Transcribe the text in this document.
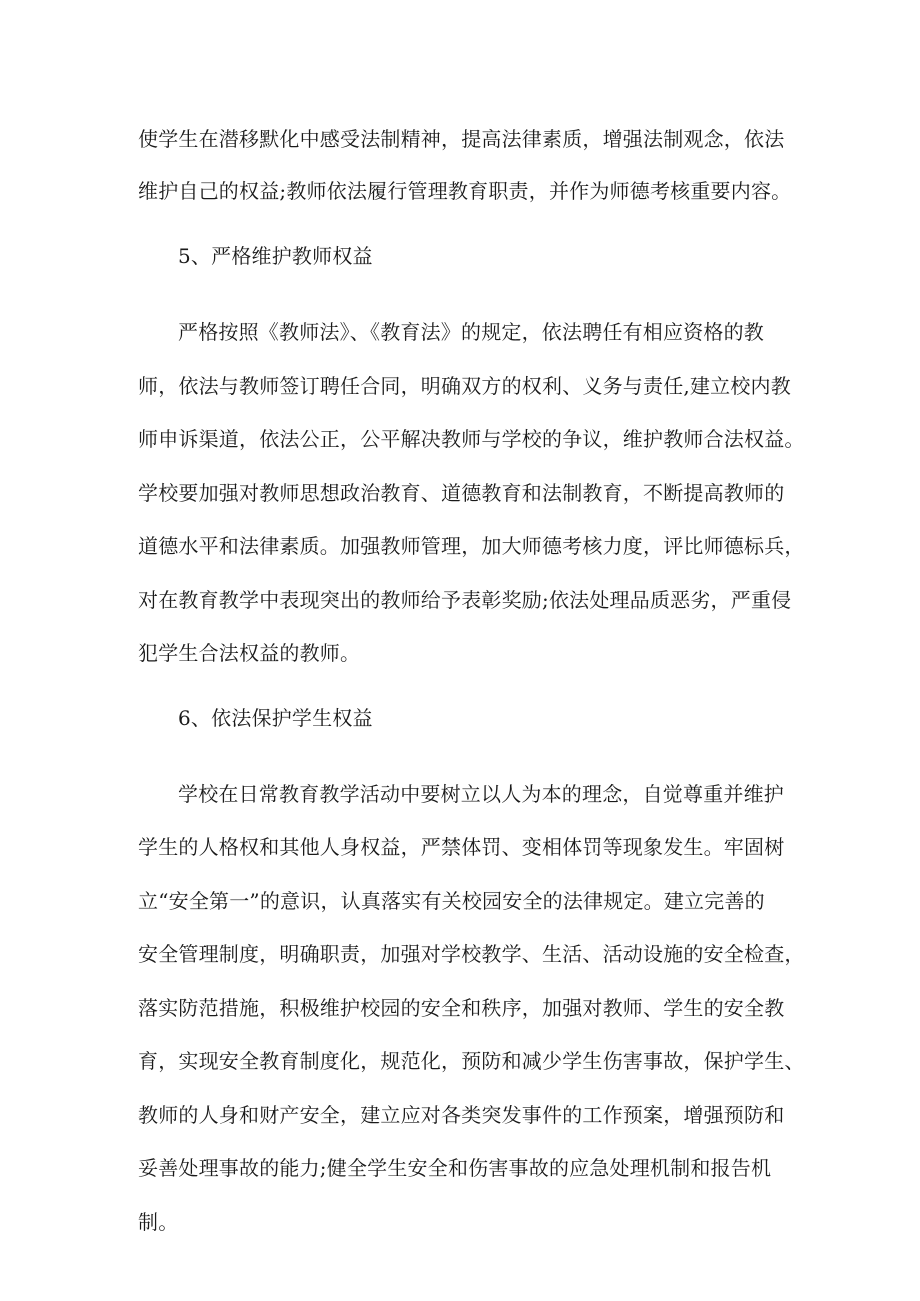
使学生在潜移默化中感受法制精神，提高法律素质，增强法制观念，依法
维护自己的权益;教师依法履行管理教育职责，并作为师德考核重要内容。
5、严格维护教师权益
严格按照《教师法》、《教育法》的规定，依法聘任有相应资格的教
师，依法与教师签订聘任合同，明确双方的权利、义务与责任,建立校内教
师申诉渠道，依法公正，公平解决教师与学校的争议，维护教师合法权益。
学校要加强对教师思想政治教育、道德教育和法制教育，不断提高教师的
道德水平和法律素质。加强教师管理，加大师德考核力度，评比师德标兵，
对在教育教学中表现突出的教师给予表彰奖励;依法处理品质恶劣，严重侵
犯学生合法权益的教师。
6、依法保护学生权益
学校在日常教育教学活动中要树立以人为本的理念，自觉尊重并维护
学生的人格权和其他人身权益，严禁体罚、变相体罚等现象发生。牢固树
立“安全第一”的意识，认真落实有关校园安全的法律规定。建立完善的
安全管理制度，明确职责，加强对学校教学、生活、活动设施的安全检查，
落实防范措施，积极维护校园的安全和秩序，加强对教师、学生的安全教
育，实现安全教育制度化，规范化，预防和减少学生伤害事故，保护学生、
教师的人身和财产安全，建立应对各类突发事件的工作预案，增强预防和
妥善处理事故的能力;健全学生安全和伤害事故的应急处理机制和报告机
制。
